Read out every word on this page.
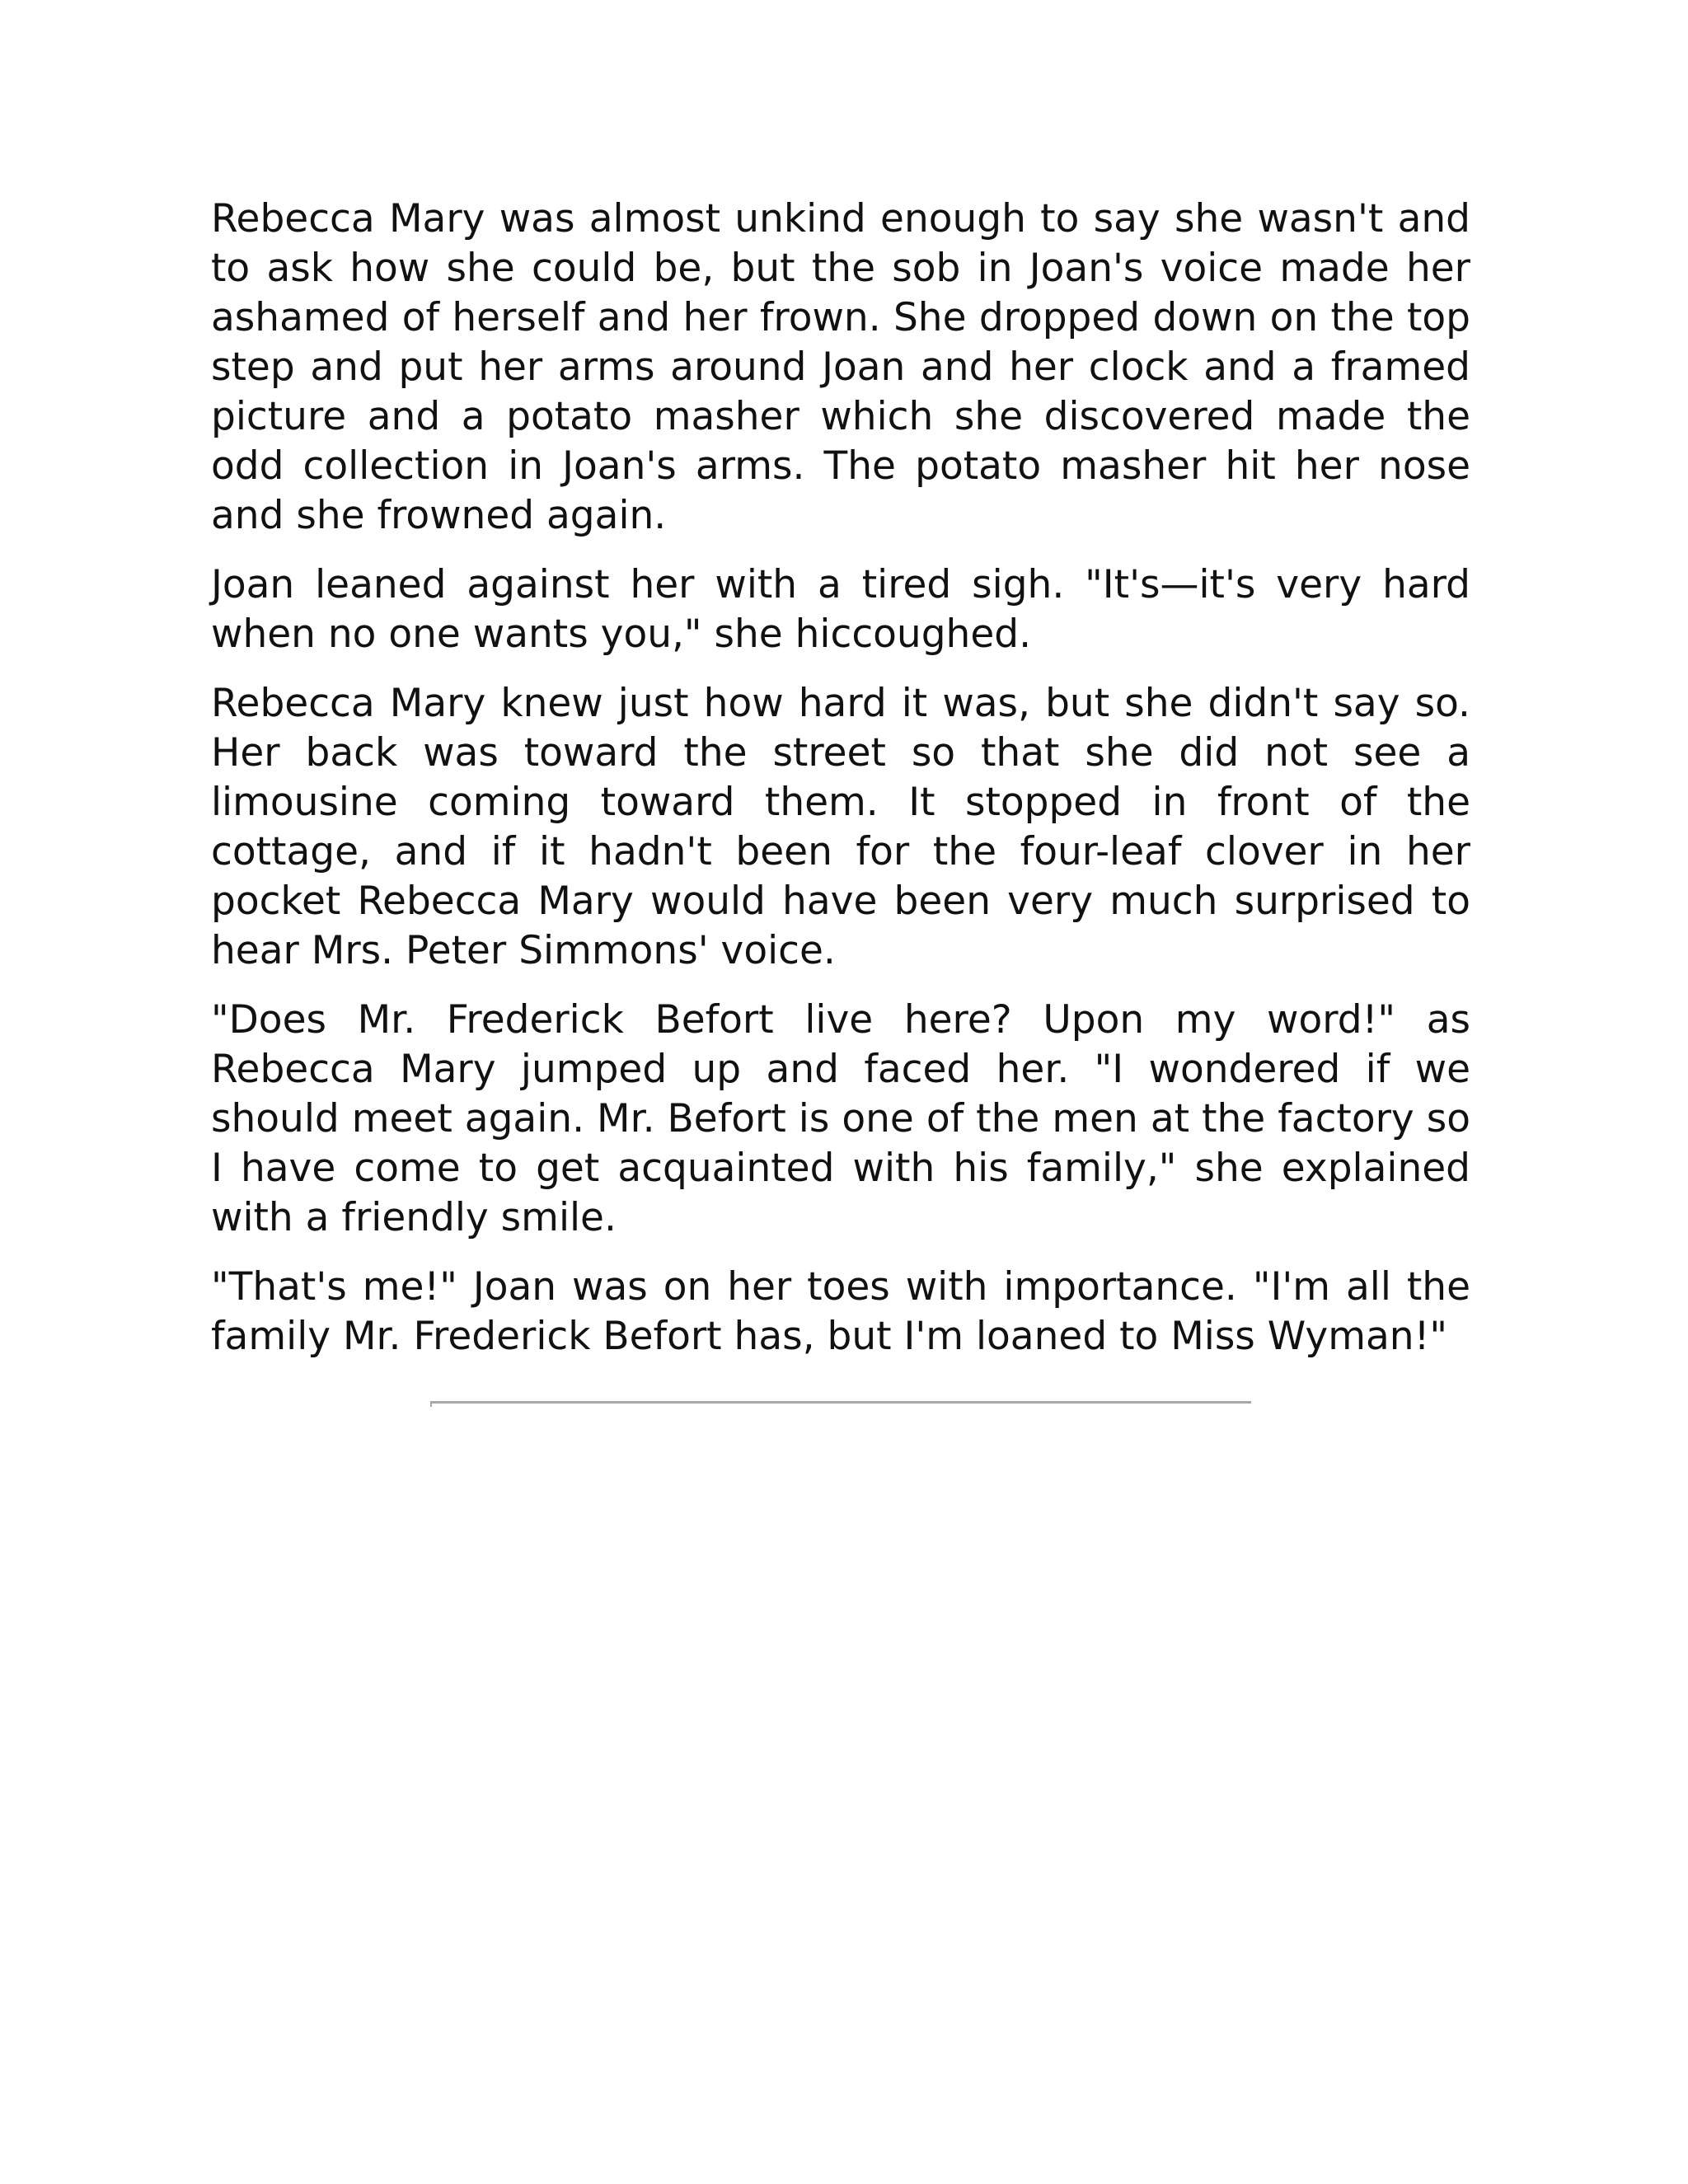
Rebecca Mary was almost unkind enough to say she wasn't and to ask how she could be, but the sob in Joan's voice made her ashamed of herself and her frown. She dropped down on the top step and put her arms around Joan and her clock and a framed picture and a potato masher which she discovered made the odd collection in Joan's arms. The potato masher hit her nose and she frowned again.

Joan leaned against her with a tired sigh. "It's—it's very hard when no one wants you," she hiccoughed.

Rebecca Mary knew just how hard it was, but she didn't say so. Her back was toward the street so that she did not see a limousine coming toward them. It stopped in front of the cottage, and if it hadn't been for the four-leaf clover in her pocket Rebecca Mary would have been very much surprised to hear Mrs. Peter Simmons' voice.

"Does Mr. Frederick Befort live here? Upon my word!" as Rebecca Mary jumped up and faced her. "I wondered if we should meet again. Mr. Befort is one of the men at the factory so I have come to get acquainted with his family," she explained with a friendly smile.

"That's me!" Joan was on her toes with importance. "I'm all the family Mr. Frederick Befort has, but I'm loaned to Miss Wyman!"
